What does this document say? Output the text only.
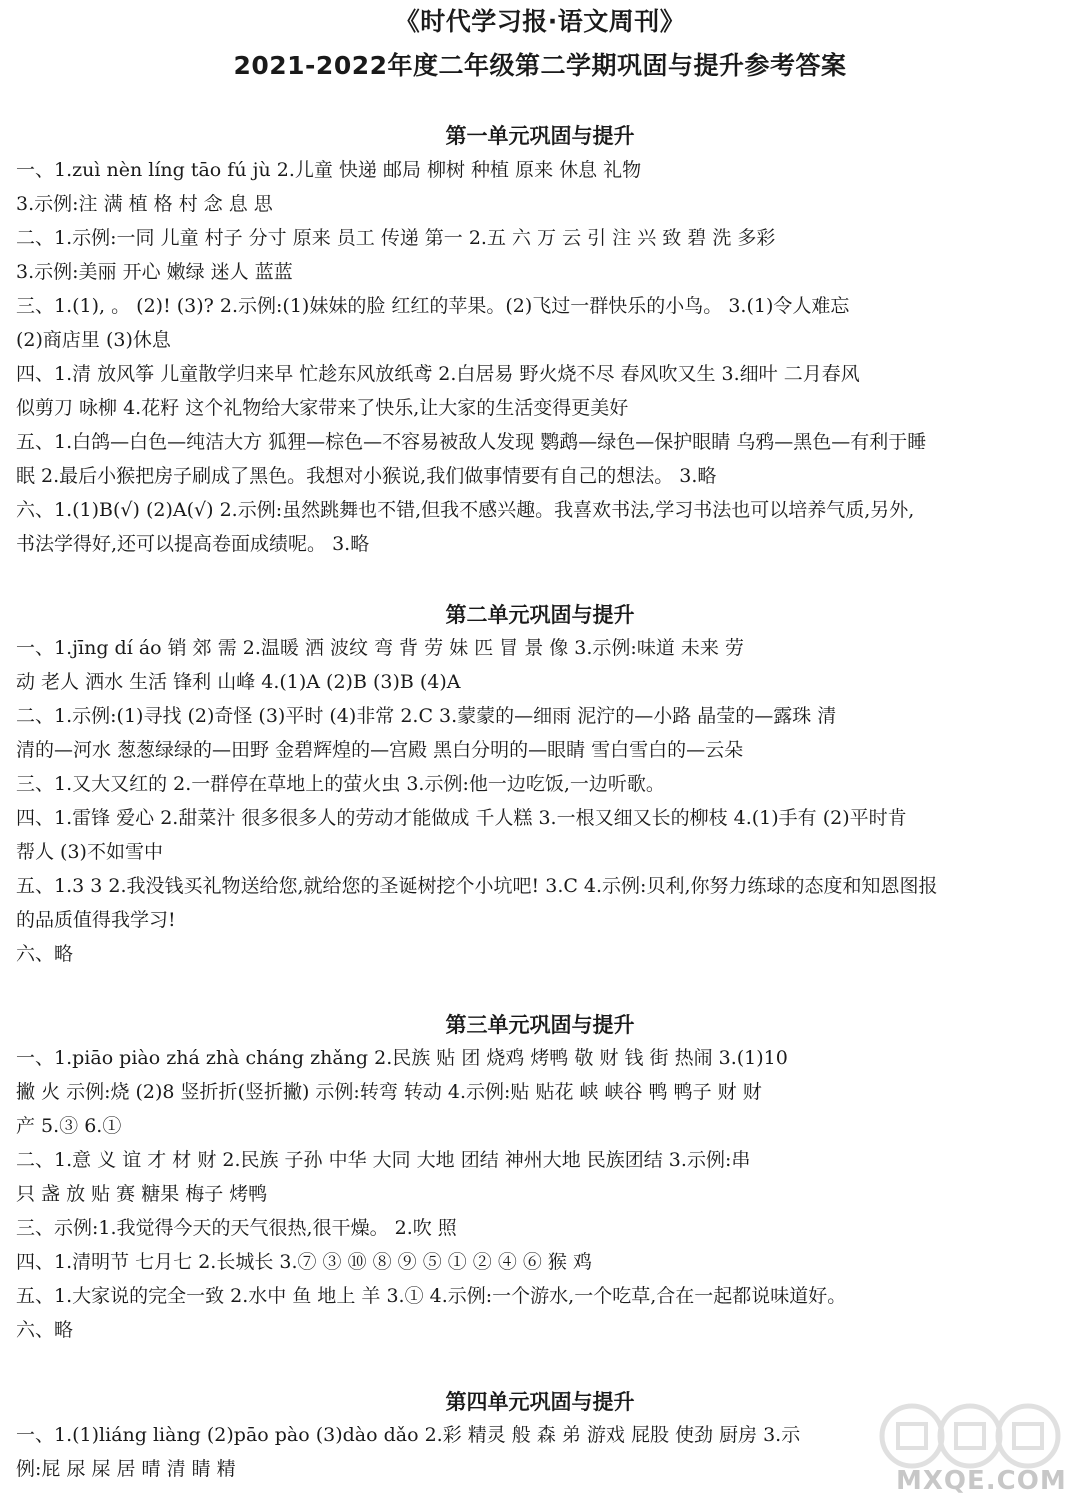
《时代学习报·语文周刊》
2021-2022年度二年级第二学期巩固与提升参考答案
第一单元巩固与提升
一、1.zuì nèn líng tāo fú jù 2.儿童 快递 邮局 柳树 种植 原来 休息 礼物
3.示例:注 满 植 格 村 念 息 思
二、1.示例:一同 儿童 村子 分寸 原来 员工 传递 第一 2.五 六 万 云 引 注 兴 致 碧 洗 多彩
3.示例:美丽 开心 嫩绿 迷人 蓝蓝
三、1.(1), 。 (2)! (3)? 2.示例:(1)妹妹的脸 红红的苹果。(2)飞过一群快乐的小鸟。 3.(1)令人难忘
(2)商店里 (3)休息
四、1.清 放风筝 儿童散学归来早 忙趁东风放纸鸢 2.白居易 野火烧不尽 春风吹又生 3.细叶 二月春风
似剪刀 咏柳 4.花籽 这个礼物给大家带来了快乐,让大家的生活变得更美好
五、1.白鸽—白色—纯洁大方 狐狸—棕色—不容易被敌人发现 鹦鹉—绿色—保护眼睛 乌鸦—黑色—有利于睡
眠 2.最后小猴把房子刷成了黑色。我想对小猴说,我们做事情要有自己的想法。 3.略
六、1.(1)B(√) (2)A(√) 2.示例:虽然跳舞也不错,但我不感兴趣。我喜欢书法,学习书法也可以培养气质,另外,
书法学得好,还可以提高卷面成绩呢。 3.略
第二单元巩固与提升
一、1.jīng dí áo 销 郊 需 2.温暖 洒 波纹 弯 背 劳 妹 匹 冒 景 像 3.示例:味道 未来 劳
动 老人 洒水 生活 锋利 山峰 4.(1)A (2)B (3)B (4)A
二、1.示例:(1)寻找 (2)奇怪 (3)平时 (4)非常 2.C 3.蒙蒙的—细雨 泥泞的—小路 晶莹的—露珠 清
清的—河水 葱葱绿绿的—田野 金碧辉煌的—宫殿 黑白分明的—眼睛 雪白雪白的—云朵
三、1.又大又红的 2.一群停在草地上的萤火虫 3.示例:他一边吃饭,一边听歌。
四、1.雷锋 爱心 2.甜菜汁 很多很多人的劳动才能做成 千人糕 3.一根又细又长的柳枝 4.(1)手有 (2)平时肯
帮人 (3)不如雪中
五、1.3 3 2.我没钱买礼物送给您,就给您的圣诞树挖个小坑吧! 3.C 4.示例:贝利,你努力练球的态度和知恩图报
的品质值得我学习!
六、略
第三单元巩固与提升
一、1.piāo piào zhá zhà cháng zhǎng 2.民族 贴 团 烧鸡 烤鸭 敬 财 钱 街 热闹 3.(1)10
撇 火 示例:烧 (2)8 竖折折(竖折撇) 示例:转弯 转动 4.示例:贴 贴花 峡 峡谷 鸭 鸭子 财 财
产 5.③ 6.①
二、1.意 义 谊 才 材 财 2.民族 子孙 中华 大同 大地 团结 神州大地 民族团结 3.示例:串
只 盏 放 贴 赛 糖果 梅子 烤鸭
三、示例:1.我觉得今天的天气很热,很干燥。 2.吹 照
四、1.清明节 七月七 2.长城长 3.⑦ ③ ⑩ ⑧ ⑨ ⑤ ① ② ④ ⑥ 猴 鸡
五、1.大家说的完全一致 2.水中 鱼 地上 羊 3.① 4.示例:一个游水,一个吃草,合在一起都说味道好。
六、略
第四单元巩固与提升
一、1.(1)liáng liàng (2)pāo pào (3)dào dǎo 2.彩 精灵 般 森 弟 游戏 屁股 使劲 厨房 3.示
例:屁 尿 屎 居 晴 清 睛 精	MXQE.COM
